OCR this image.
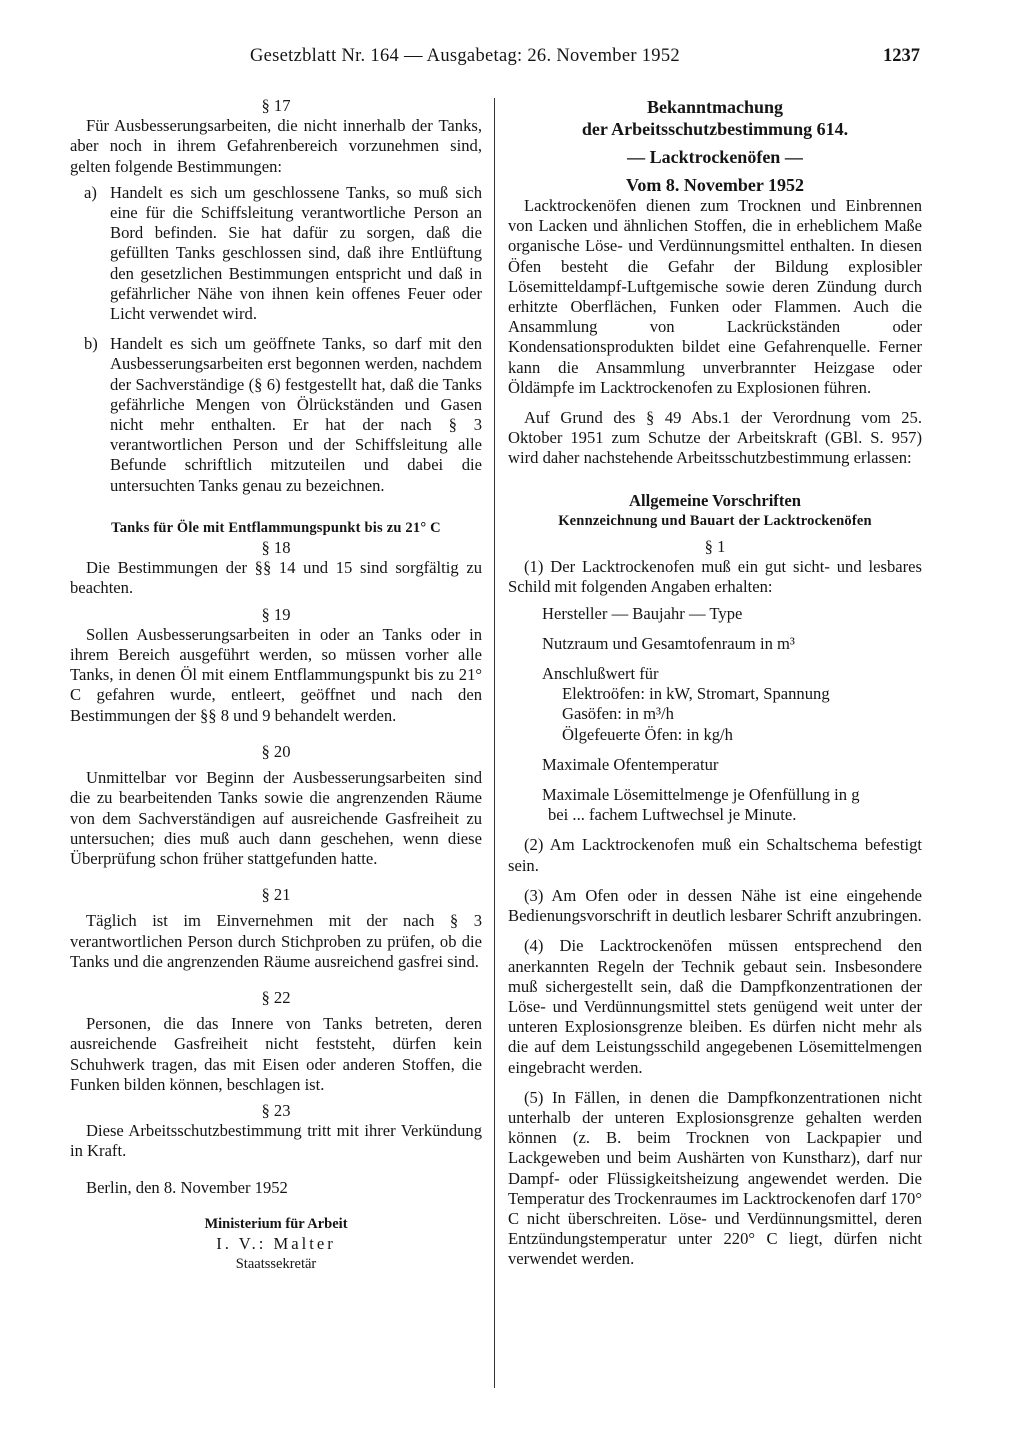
Gesetzblatt Nr. 164 — Ausgabetag: 26. November 1952	1237
§ 17

Für Ausbesserungsarbeiten, die nicht innerhalb der Tanks, aber noch in ihrem Gefahrenbereich vorzunehmen sind, gelten folgende Bestimmungen:

a) Handelt es sich um geschlossene Tanks, so muß sich eine für die Schiffsleitung verantwortliche Person an Bord befinden. Sie hat dafür zu sorgen, daß die gefüllten Tanks geschlossen sind, daß ihre Entlüftung den gesetzlichen Bestimmungen entspricht und daß in gefährlicher Nähe von ihnen kein offenes Feuer oder Licht verwendet wird.
b) Handelt es sich um geöffnete Tanks, so darf mit den Ausbesserungsarbeiten erst begonnen werden, nachdem der Sachverständige (§ 6) festgestellt hat, daß die Tanks gefährliche Mengen von Ölrückständen und Gasen nicht mehr enthalten. Er hat der nach § 3 verantwortlichen Person und der Schiffsleitung alle Befunde schriftlich mitzuteilen und dabei die untersuchten Tanks genau zu bezeichnen.
Tanks für Öle mit Entflammungspunkt bis zu 21° C
§ 18

Die Bestimmungen der §§ 14 und 15 sind sorgfältig zu beachten.

§ 19

Sollen Ausbesserungsarbeiten in oder an Tanks oder in ihrem Bereich ausgeführt werden, so müssen vorher alle Tanks, in denen Öl mit einem Entflammungspunkt bis zu 21° C gefahren wurde, entleert, geöffnet und nach den Bestimmungen der §§ 8 und 9 behandelt werden.

§ 20

Unmittelbar vor Beginn der Ausbesserungsarbeiten sind die zu bearbeitenden Tanks sowie die angrenzenden Räume von dem Sachverständigen auf ausreichende Gasfreiheit zu untersuchen; dies muß auch dann geschehen, wenn diese Überprüfung schon früher stattgefunden hatte.

§ 21

Täglich ist im Einvernehmen mit der nach § 3 verantwortlichen Person durch Stichproben zu prüfen, ob die Tanks und die angrenzenden Räume ausreichend gasfrei sind.

§ 22

Personen, die das Innere von Tanks betreten, deren ausreichende Gasfreiheit nicht feststeht, dürfen kein Schuhwerk tragen, das mit Eisen oder anderen Stoffen, die Funken bilden können, beschlagen ist.

§ 23

Diese Arbeitsschutzbestimmung tritt mit ihrer Verkündung in Kraft.

Berlin, den 8. November 1952

Ministerium für Arbeit
I. V.: Malter
Staatssekretär
Bekanntmachung
der Arbeitsschutzbestimmung 614.
— Lacktrockenöfen —
Vom 8. November 1952

Lacktrockenöfen dienen zum Trocknen und Einbrennen von Lacken und ähnlichen Stoffen, die in erheblichem Maße organische Löse- und Verdünnungsmittel enthalten. In diesen Öfen besteht die Gefahr der Bildung explosibler Lösemitteldampf-Luftgemische sowie deren Zündung durch erhitzte Oberflächen, Funken oder Flammen. Auch die Ansammlung von Lackrückständen oder Kondensationsprodukten bildet eine Gefahrenquelle. Ferner kann die Ansammlung unverbrannter Heizgase oder Öldämpfe im Lacktrockenofen zu Explosionen führen.

Auf Grund des § 49 Abs.1 der Verordnung vom 25. Oktober 1951 zum Schutze der Arbeitskraft (GBl. S. 957) wird daher nachstehende Arbeitsschutzbestimmung erlassen:

Allgemeine Vorschriften
Kennzeichnung und Bauart der Lacktrockenöfen
§ 1

(1) Der Lacktrockenofen muß ein gut sicht- und lesbares Schild mit folgenden Angaben erhalten:

Hersteller — Baujahr — Type
Nutzraum und Gesamtofenraum in m³
Anschlußwert für
Elektroöfen: in kW, Stromart, Spannung
Gasöfen: in m³/h
Ölgefeuerte Öfen: in kg/h
Maximale Ofentemperatur
Maximale Lösemittelmenge je Ofenfüllung in g
bei ... fachem Luftwechsel je Minute.

(2) Am Lacktrockenofen muß ein Schaltschema befestigt sein.

(3) Am Ofen oder in dessen Nähe ist eine eingehende Bedienungsvorschrift in deutlich lesbarer Schrift anzubringen.

(4) Die Lacktrockenöfen müssen entsprechend den anerkannten Regeln der Technik gebaut sein. Insbesondere muß sichergestellt sein, daß die Dampfkonzentrationen der Löse- und Verdünnungsmittel stets genügend weit unter der unteren Explosionsgrenze bleiben. Es dürfen nicht mehr als die auf dem Leistungsschild angegebenen Lösemittelmengen eingebracht werden.

(5) In Fällen, in denen die Dampfkonzentrationen nicht unterhalb der unteren Explosionsgrenze gehalten werden können (z. B. beim Trocknen von Lackpapier und Lackgeweben und beim Aushärten von Kunstharz), darf nur Dampf- oder Flüssigkeitsheizung angewendet werden. Die Temperatur des Trockenraumes im Lacktrockenofen darf 170° C nicht überschreiten. Löse- und Verdünnungsmittel, deren Entzündungstemperatur unter 220° C liegt, dürfen nicht verwendet werden.
